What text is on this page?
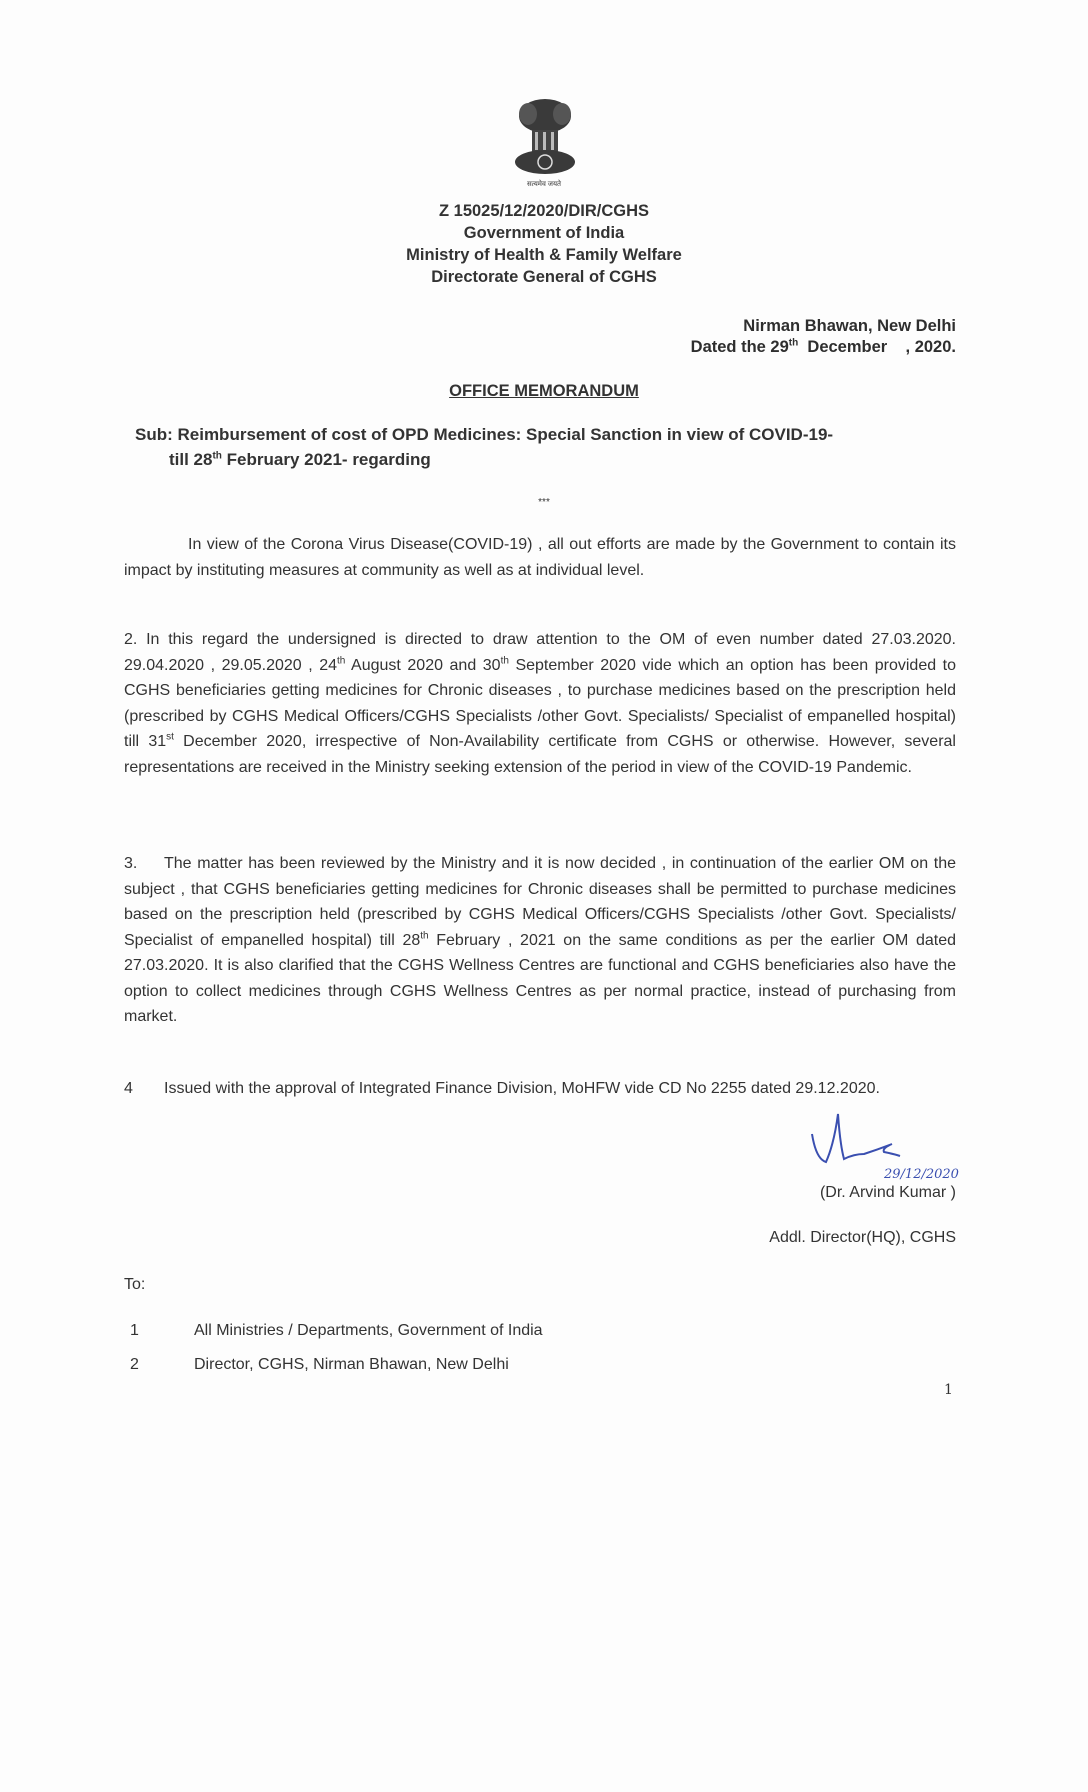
सत्यमेव जयते
Z 15025/12/2020/DIR/CGHS
Government of India
Ministry of Health & Family Welfare
Directorate General of CGHS
Nirman Bhawan, New Delhi
Dated the 29th  December    , 2020.
OFFICE MEMORANDUM
Sub: Reimbursement of cost of OPD Medicines: Special Sanction in view of COVID-19-
till 28th February 2021- regarding
***
In view of the Corona Virus Disease(COVID-19) , all out efforts are made by the Government to contain its impact by instituting measures at community as well as at individual level.
2. In this regard the undersigned is directed to draw attention to the OM of even number dated 27.03.2020. 29.04.2020 , 29.05.2020 , 24th August 2020 and 30th September 2020 vide which an option has been provided to CGHS beneficiaries getting medicines for Chronic diseases , to purchase medicines based on the prescription held (prescribed by CGHS Medical Officers/CGHS Specialists /other Govt. Specialists/ Specialist of empanelled hospital) till 31st December 2020, irrespective of Non-Availability certificate from CGHS or otherwise. However, several representations are received in the Ministry seeking extension of the period in view of the COVID-19 Pandemic.
3. The matter has been reviewed by the Ministry and it is now decided , in continuation of the earlier OM on the subject , that CGHS beneficiaries getting medicines for Chronic diseases shall be permitted to purchase medicines based on the prescription held (prescribed by CGHS Medical Officers/CGHS Specialists /other Govt. Specialists/ Specialist of empanelled hospital) till 28th February , 2021 on the same conditions as per the earlier OM dated 27.03.2020. It is also clarified that the CGHS Wellness Centres are functional and CGHS beneficiaries also have the option to collect medicines through CGHS Wellness Centres as per normal practice, instead of purchasing from market.
4 Issued with the approval of Integrated Finance Division, MoHFW vide CD No 2255 dated 29.12.2020.
29/12/2020
(Dr. Arvind Kumar )
Addl. Director(HQ), CGHS
To:
1	All Ministries / Departments, Government of India
2	Director, CGHS, Nirman Bhawan, New Delhi
1
